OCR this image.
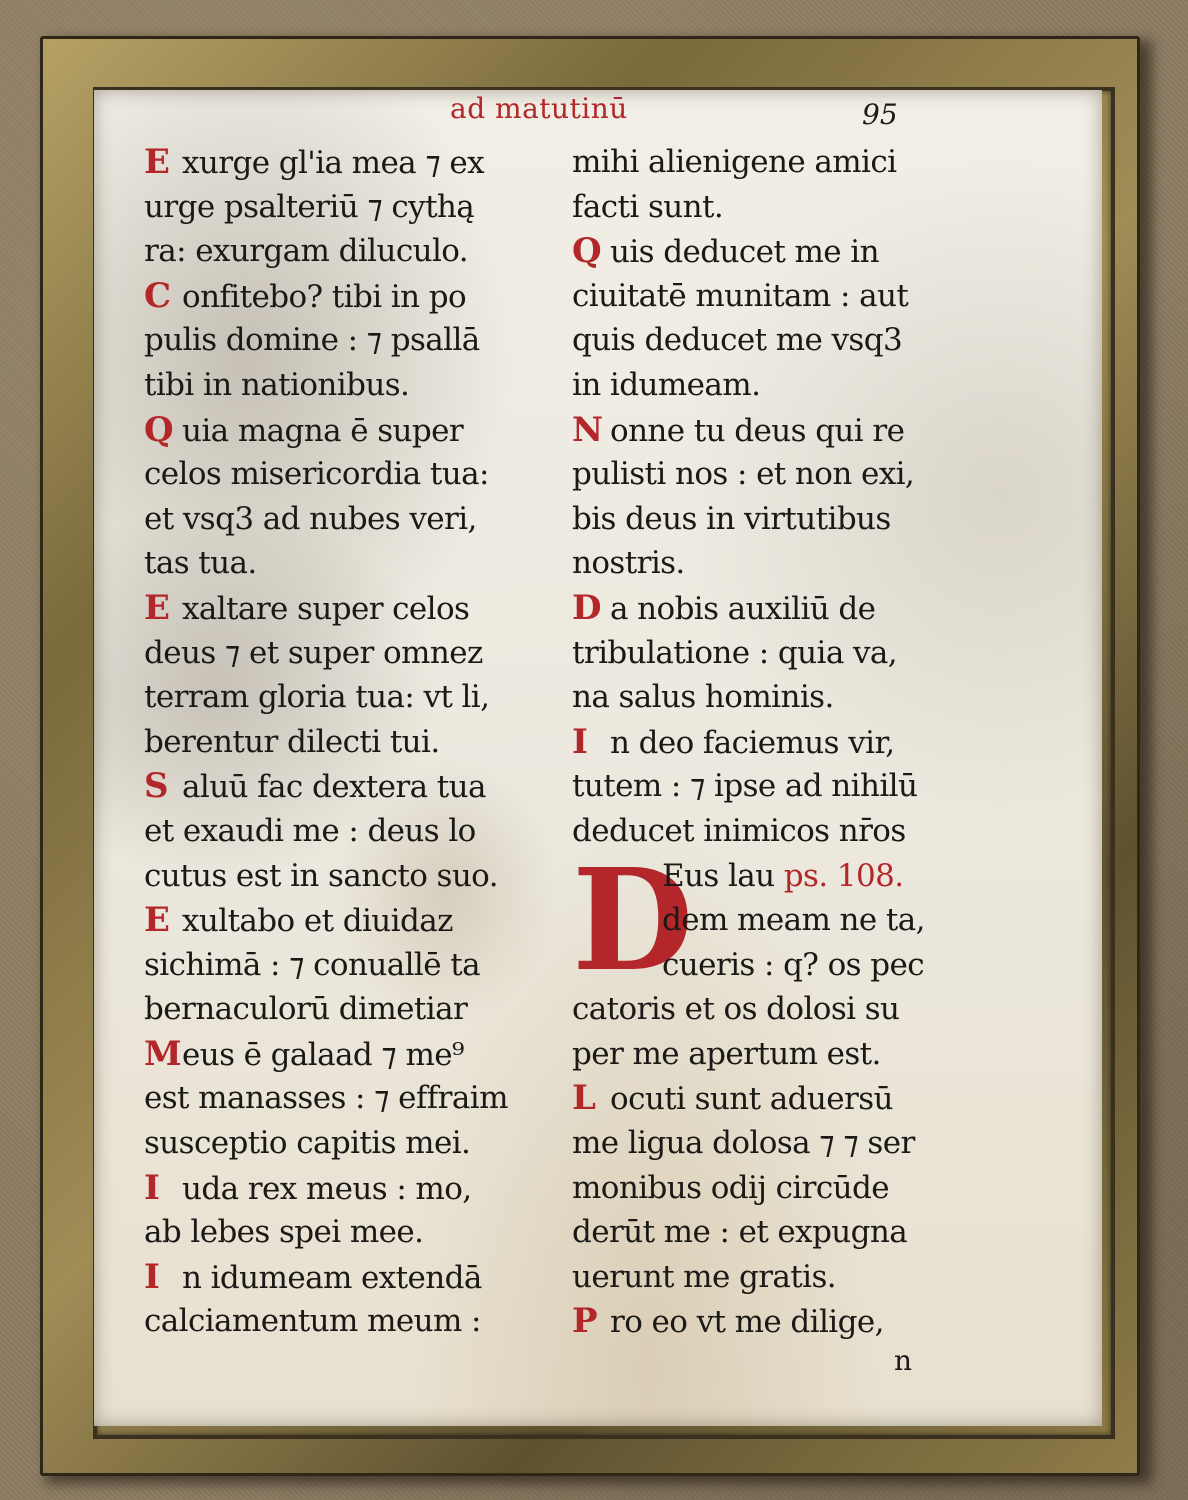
ad matutinū	95
E xurge gl'ia mea ⁊ ex
urge psalteriū ⁊ cythą
ra: exurgam diluculo.
C onfitebo? tibi in po
pulis domine : ⁊ psallā
tibi in nationibus.
Q uia magna ē super
celos misericordia tua:
et vsq3 ad nubes veri,
tas tua.
E xaltare super celos
deus ⁊ et super omnez
terram gloria tua: vt li,
berentur dilecti tui.
S aluū fac dextera tua
et exaudi me : deus lo
cutus est in sancto suo.
E xultabo et diuidaz
sichimā : ⁊ conuallē ta
bernaculorū dimetiar
Meus ē galaad ⁊ me⁹
est manasses : ⁊ effraim
susceptio capitis mei.
I uda rex meus : mo,
ab lebes spei mee.
I n idumeam extendā
calciamentum meum :
mihi alienigene amici
facti sunt.
Q uis deducet me in
ciuitatē munitam : aut
quis deducet me vsq3
in idumeam.
N onne tu deus qui re
pulisti nos : et non exi,
bis deus in virtutibus
nostris.
D a nobis auxiliū de
tribulatione : quia va,
na salus hominis.
I n deo faciemus vir,
tutem : ⁊ ipse ad nihilū
deducet inimicos nr̄os
D
Eus lau ps. 108.
dem meam ne ta,
cueris : q? os pec
catoris et os dolosi su
per me apertum est.
L ocuti sunt aduersū
me ligua dolosa ⁊ ⁊ ser
monibus odij circūde
derūt me : et expugna
uerunt me gratis.
P ro eo vt me dilige,
n
